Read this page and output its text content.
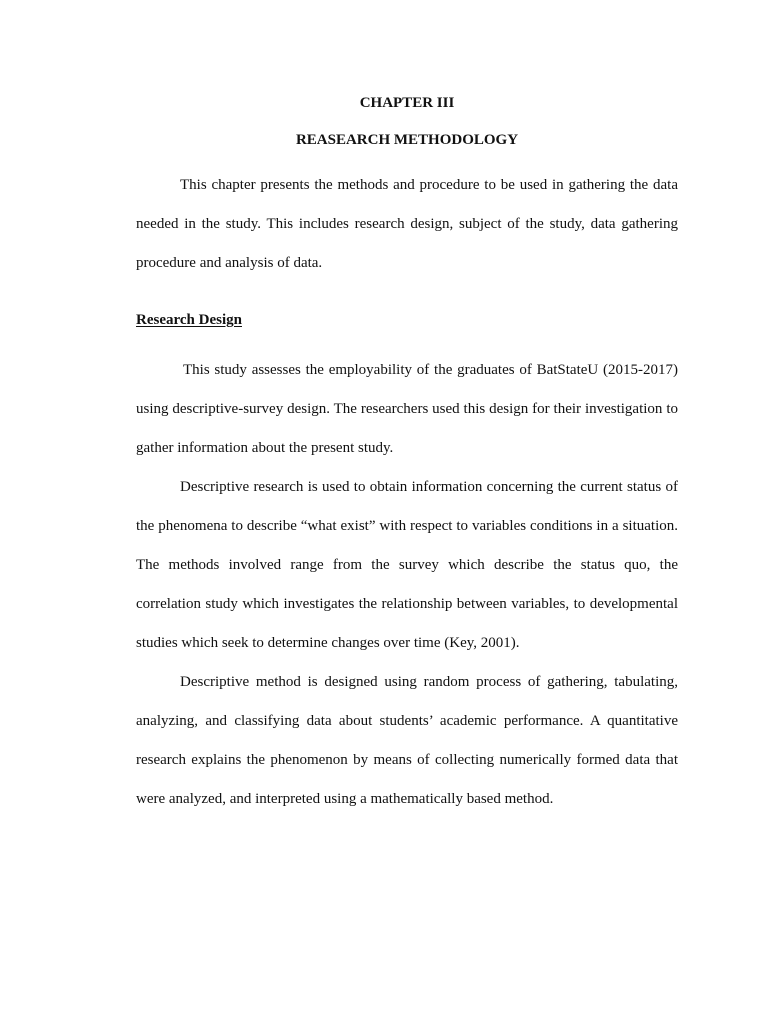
CHAPTER III
REASEARCH METHODOLOGY

This chapter presents the methods and procedure to be used in gathering the data needed in the study. This includes research design, subject of the study, data gathering procedure and analysis of data.

Research Design

This study assesses the employability of the graduates of BatStateU (2015-2017) using descriptive-survey design. The researchers used this design for their investigation to gather information about the present study.

Descriptive research is used to obtain information concerning the current status of the phenomena to describe “what exist” with respect to variables conditions in a situation. The methods involved range from the survey which describe the status quo, the correlation study which investigates the relationship between variables, to developmental studies which seek to determine changes over time (Key, 2001).

Descriptive method is designed using random process of gathering, tabulating, analyzing, and classifying data about students’ academic performance. A quantitative research explains the phenomenon by means of collecting numerically formed data that were analyzed, and interpreted using a mathematically based method.
